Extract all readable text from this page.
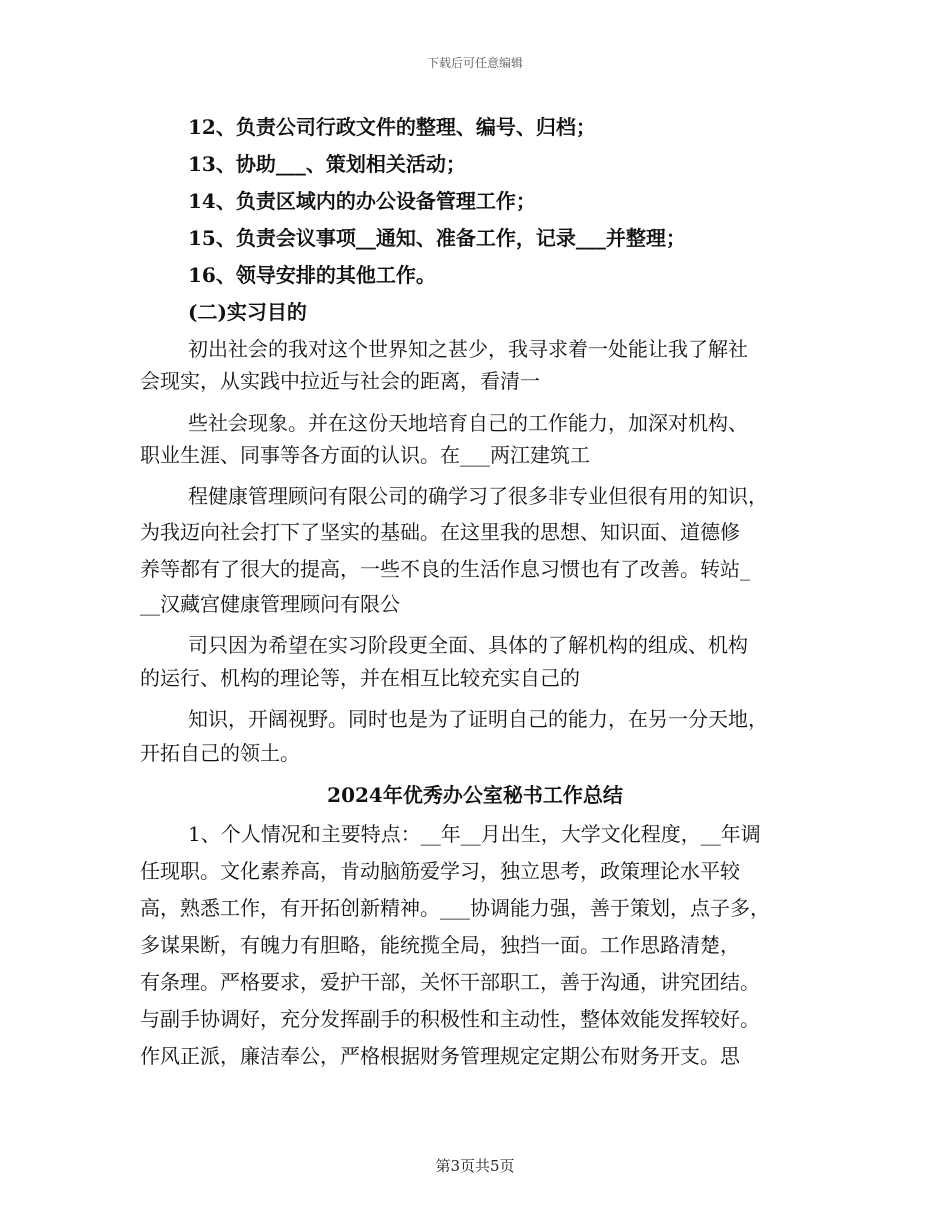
下载后可任意编辑
12、负责公司行政文件的整理、编号、归档；
13、协助___、策划相关活动；
14、负责区域内的办公设备管理工作；
15、负责会议事项__通知、准备工作，记录___并整理；
16、领导安排的其他工作。
(二)实习目的
初出社会的我对这个世界知之甚少，我寻求着一处能让我了解社
会现实，从实践中拉近与社会的距离，看清一
些社会现象。并在这份天地培育自己的工作能力，加深对机构、
职业生涯、同事等各方面的认识。在___两江建筑工
程健康管理顾问有限公司的确学习了很多非专业但很有用的知识，
为我迈向社会打下了坚实的基础。在这里我的思想、知识面、道德修
养等都有了很大的提高，一些不良的生活作息习惯也有了改善。转站_
__汉藏宫健康管理顾问有限公
司只因为希望在实习阶段更全面、具体的了解机构的组成、机构
的运行、机构的理论等，并在相互比较充实自己的
知识，开阔视野。同时也是为了证明自己的能力，在另一分天地，
开拓自己的领土。
2024年优秀办公室秘书工作总结
1、个人情况和主要特点：__年__月出生，大学文化程度，__年调
任现职。文化素养高，肯动脑筋爱学习，独立思考，政策理论水平较
高，熟悉工作，有开拓创新精神。___协调能力强，善于策划，点子多，
多谋果断，有魄力有胆略，能统揽全局，独挡一面。工作思路清楚，
有条理。严格要求，爱护干部，关怀干部职工，善于沟通，讲究团结。
与副手协调好，充分发挥副手的积极性和主动性，整体效能发挥较好。
作风正派，廉洁奉公，严格根据财务管理规定定期公布财务开支。思
第3页共5页
